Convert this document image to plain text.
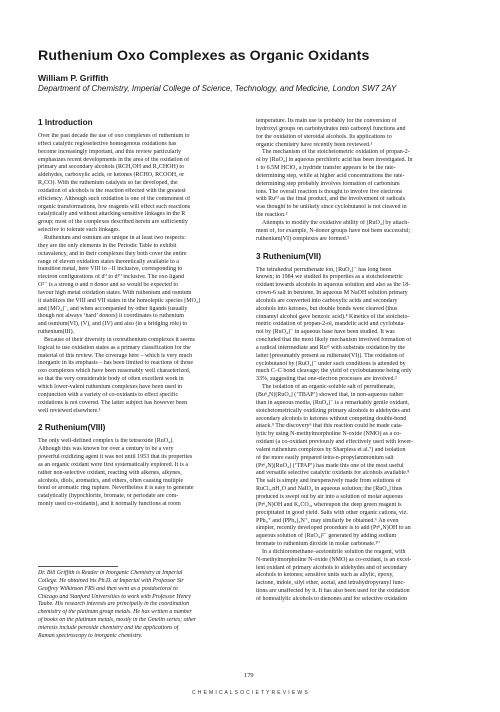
Ruthenium Oxo Complexes as Organic Oxidants
William P. Griffith
Department of Chemistry, Imperial College of Science, Technology, and Medicine, London SW7 2AY
1 Introduction
Over the past decade the use of oxo complexes of ruthenium to
effect catalytic regioselective homogenous oxidations has
become increasingly important, and this review particularly
emphasizes recent developments in the area of the oxidation of
primary and secondary alcohols (RCH₂OH and R₂CHOH) to
aldehydes, carboxylic acids, or ketones (RCHO, RCOOH, or
R₂CO). With the ruthenium catalysts so far developed, the
oxidation of alcohols is the reaction effected with the greatest
efficiency. Although such oxidation is one of the commonest of
organic transformations, few reagents will effect such reactions
catalytically and without attacking sensitive linkages in the R
group; most of the complexes described herein are sufficiently
selective to tolerate such linkages.
 Ruthenium and osmium are unique in at least two respects:
they are the only elements in the Periodic Table to exhibit
octavalency, and in their complexes they both cover the entire
range of eleven oxidation states theoretically available to a
transition metal, here VIII to −II inclusive, corresponding to
electron configurations of d⁰ to d¹⁰ inclusive. The oxo ligand
O²⁻ is a strong σ and π donor and so would be expected to
favour high metal oxidation states. With ruthenium and osmium
it stabilizes the VIII and VII states in the homoleptic species [MO₄]
and [MO₄]⁻, and when accompanied by other ligands (usually
though not always ‘hard’ donors) it coordinates to ruthenium
and osmium(VI), (V), and (IV) and also (in a bridging rôle) to
ruthenium(III).
 Because of their diversity in oxoruthenium complexes it seems
logical to use oxidation states as a primary classification for the
material of this review. The coverage here – which is very much
inorganic in its emphasis – has been limited to reactions of those
oxo complexes which have been reasonably well characterized,
so that the very considerable body of often excellent work in
which lower-valent ruthenium complexes have been used in
conjunction with a variety of co-oxidants to effect specific
oxidations is not covered. The latter subject has however been
well reviewed elsewhere.¹
2 Ruthenium(VIII)
The only well-defined complex is the tetraoxide [RuO₄].
Although this was known for over a century to be a very
powerful oxidizing agent it was not until 1953 that its properties
as an organic oxidant were first systematically explored. It is a
rather non-selective oxidant, reacting with alkenes, alkynes,
alcohols, diols, aromatics, and ethers, often causing multiple
bond or aromatic ring rupture. Nevertheless it is easy to generate
catalytically (hypochlorite, bromate, or periodate are com-
monly used co-oxidants), and it normally functions at room
temperature. Its main use is probably for the conversion of
hydroxyl groups on carbohydrates into carbonyl functions and
for the oxidation of steroidal alcohols. Its applications to
organic chemistry have recently been reviewed.¹
 The mechanism of the stoicheiometric oxidation of propan-2-
ol by [RuO₄] in aqueous perchloric acid has been investigated. In
1 to 6.5M HClO₄ a hydride transfer appears to be the rate-
determining step, while at higher acid concentrations the rate-
determining step probably involves formation of carbonium
ions. The overall reaction is thought to involve five electrons
with Ruᴵᴵᴵ as the final product, and the involvement of radicals
was thought to be unlikely since cyclobutanol is not cleaved in
the reaction.²
 Attempts to modify the oxidative ability of [RuO₄] by attach-
ment of, for example, N-donor groups have not been successful;
ruthenium(VI) complexes are formed.³
3 Ruthenium(VII)
The tetrahedral perruthenate ion, [RuO₄]⁻ has long been
known; in 1984 we studied its properties as a stoicheiometric
oxidant towards alcohols in aqueous solution and also as the 18-
crown-6 salt in benzene. In aqueous M NaOH solution primary
alcohols are converted into carboxylic acids and secondary
alcohols into ketones, but double bonds were cleaved (thus
cinnamyl alcohol gave benzoic acid).⁴ Kinetics of the stoicheio-
metric oxidation of propan-2-ol, mandelic acid and cyclobuta-
nol by [RuO₄]⁻ in aqueous base have been studied. It was
concluded that the most likely mechanism involved formation of
a radical intermediate and Ruᵛᴵ with substrate oxidation by the
latter [presumably present as ruthenate(VI)]. The oxidation of
cyclobutanol by [RuO₄]⁻ under such conditions is attended by
much C–C bond cleavage; the yield of cyclobutanone being only
33%, suggesting that one-electron processes are involved.²
 The isolation of an organic-soluble salt of perruthenate,
(Buⁿ₄N)[RuO₄] (‘TBAP’) showed that, in non-aqueous rather
than in aqueous media, [RuO₄]⁻ is a remarkably gentle oxidant,
stoicheiometrically oxidizing primary alcohols to aldehydes and
secondary alcohols to ketones without competing double-bond
attack.⁵ The discovery⁶ that this reaction could be made cata-
lytic by using N-methylmorpholine N-oxide (NMO) as a co-
oxidant (a co-oxidant previously and effectively used with lower-
valent ruthenium complexes by Sharpless et al.⁷) and isolation
of the more easily prepared tetra-n-propylammonium salt
(Prⁿ₄N)[RuO₄] (‘TPAP’) has made this one of the most useful
and versatile selective catalytic oxidants for alcohols available.⁸
The salt is simply and inexpensively made from solutions of
RuCl₃.nH₂O and NaIO₄ in aqueous solution; the [RuO₄] thus
produced is swept out by air into a solution of molar aqueous
(Prⁿ₄N)OH and K₂CO₃, whereupon the deep green reagent is
precipitated in good yield. Salts with other organic cations, viz.
PPh₄⁺ and (PPh₃)₂N⁺, may similarly be obtained.⁶ An even
simpler, recently developed procedure is to add (Prⁿ₄N)OH to an
aqueous solution of [RuO₄]²⁻ generated by adding sodium
bromate to ruthenium dioxide in molar carbonate.¹⁰
 In a dichloromethane–acetonitrile solution the reagent, with
N-methylmorpholine N-oxide (NMO) as co-oxidant, is an excel-
lent oxidant of primary alcohols to aldehydes and of secondary
alcohols to ketones; sensitive units such as allylic, epoxy,
lactone, indole, silyl ether, acetal, and tetrahydropyranyl func-
tions are unaffected by it. It has also been used for the oxidation
of homoallylic alcohols to dienones and for selective oxidation
Dr. Bill Griffith is Reader in Inorganic Chemistry at Imperial
College. He obtained his Ph.D. at Imperial with Professor Sir
Geoffrey Wilkinson FRS and then went as a postdoctoral to
Chicago and Stanford Universities to work with Professor Henry
Taube. His research interests are principally in the coordination
chemistry of the platinum group metals. He has written a number
of books on the platinum metals, mostly in the Gmelin series; other
interests include peroxide chemistry and the applications of
Raman spectroscopy to inorganic chemistry.
179
C H E M I C A L S O C I E T Y R E V I E W S
